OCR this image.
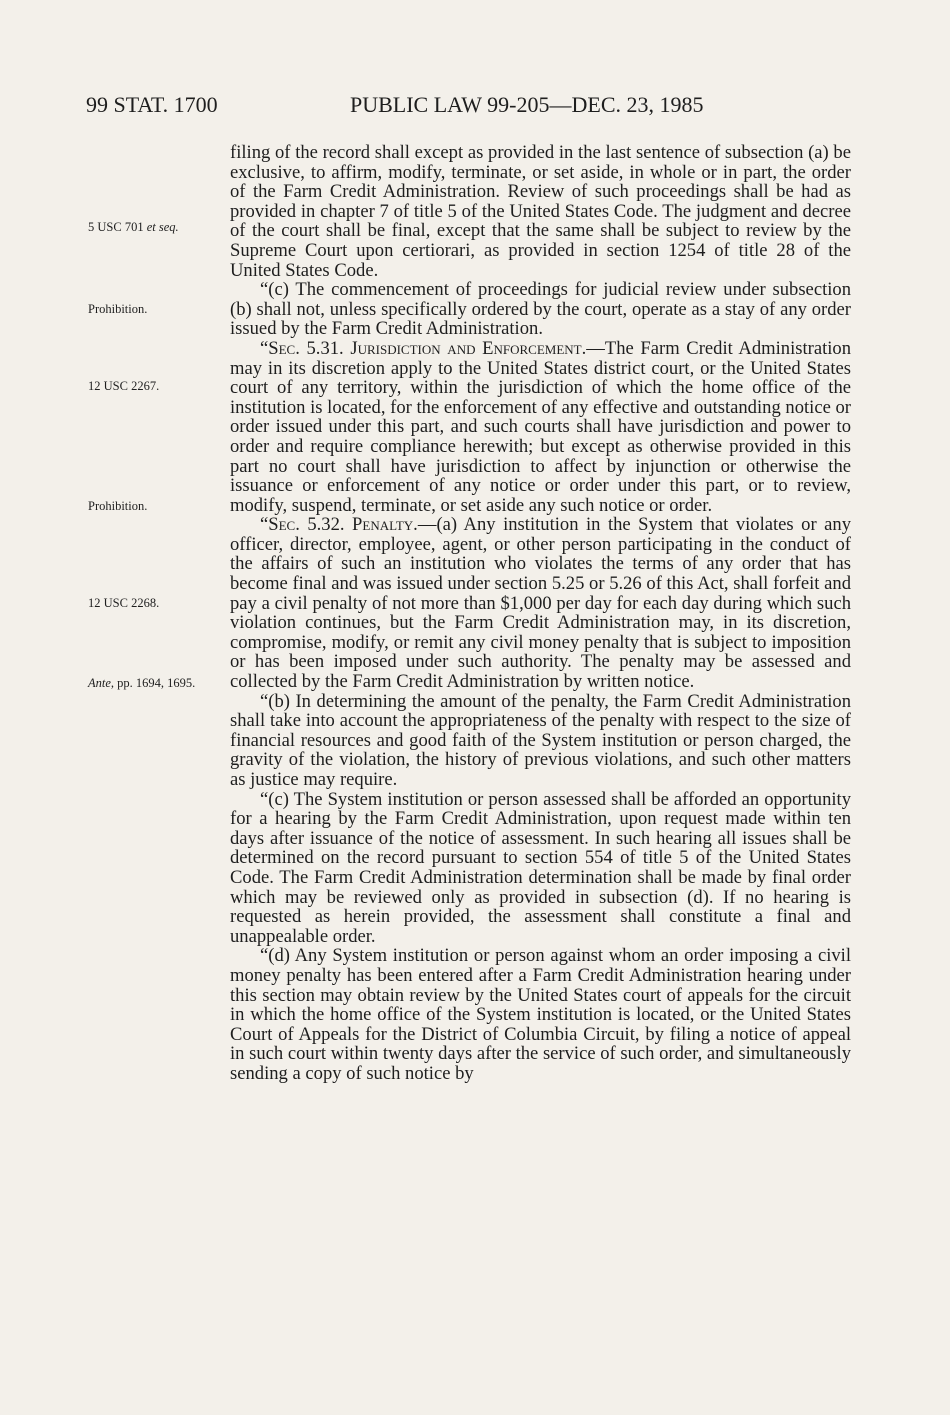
99 STAT. 1700	PUBLIC LAW 99-205—DEC. 23, 1985
5 USC 701 et seq.
Prohibition.
12 USC 2267.
Prohibition.
12 USC 2268.
Ante, pp. 1694, 1695.

filing of the record shall except as provided in the last sentence of subsection (a) be exclusive, to affirm, modify, terminate, or set aside, in whole or in part, the order of the Farm Credit Administration. Review of such proceedings shall be had as provided in chapter 7 of title 5 of the United States Code. The judgment and decree of the court shall be final, except that the same shall be subject to review by the Supreme Court upon certiorari, as provided in section 1254 of title 28 of the United States Code.

“(c) The commencement of proceedings for judicial review under subsection (b) shall not, unless specifically ordered by the court, operate as a stay of any order issued by the Farm Credit Administration.

“Sec. 5.31. Jurisdiction and Enforcement.—The Farm Credit Administration may in its discretion apply to the United States district court, or the United States court of any territory, within the jurisdiction of which the home office of the institution is located, for the enforcement of any effective and outstanding notice or order issued under this part, and such courts shall have jurisdiction and power to order and require compliance herewith; but except as otherwise provided in this part no court shall have jurisdiction to affect by injunction or otherwise the issuance or enforcement of any notice or order under this part, or to review, modify, suspend, terminate, or set aside any such notice or order.

“Sec. 5.32. Penalty.—(a) Any institution in the System that violates or any officer, director, employee, agent, or other person participating in the conduct of the affairs of such an institution who violates the terms of any order that has become final and was issued under section 5.25 or 5.26 of this Act, shall forfeit and pay a civil penalty of not more than $1,000 per day for each day during which such violation continues, but the Farm Credit Administration may, in its discretion, compromise, modify, or remit any civil money penalty that is subject to imposition or has been imposed under such authority. The penalty may be assessed and collected by the Farm Credit Administration by written notice.

“(b) In determining the amount of the penalty, the Farm Credit Administration shall take into account the appropriateness of the penalty with respect to the size of financial resources and good faith of the System institution or person charged, the gravity of the violation, the history of previous violations, and such other matters as justice may require.

“(c) The System institution or person assessed shall be afforded an opportunity for a hearing by the Farm Credit Administration, upon request made within ten days after issuance of the notice of assessment. In such hearing all issues shall be determined on the record pursuant to section 554 of title 5 of the United States Code. The Farm Credit Administration determination shall be made by final order which may be reviewed only as provided in subsection (d). If no hearing is requested as herein provided, the assessment shall constitute a final and unappealable order.

“(d) Any System institution or person against whom an order imposing a civil money penalty has been entered after a Farm Credit Administration hearing under this section may obtain review by the United States court of appeals for the circuit in which the home office of the System institution is located, or the United States Court of Appeals for the District of Columbia Circuit, by filing a notice of appeal in such court within twenty days after the service of such order, and simultaneously sending a copy of such notice by
